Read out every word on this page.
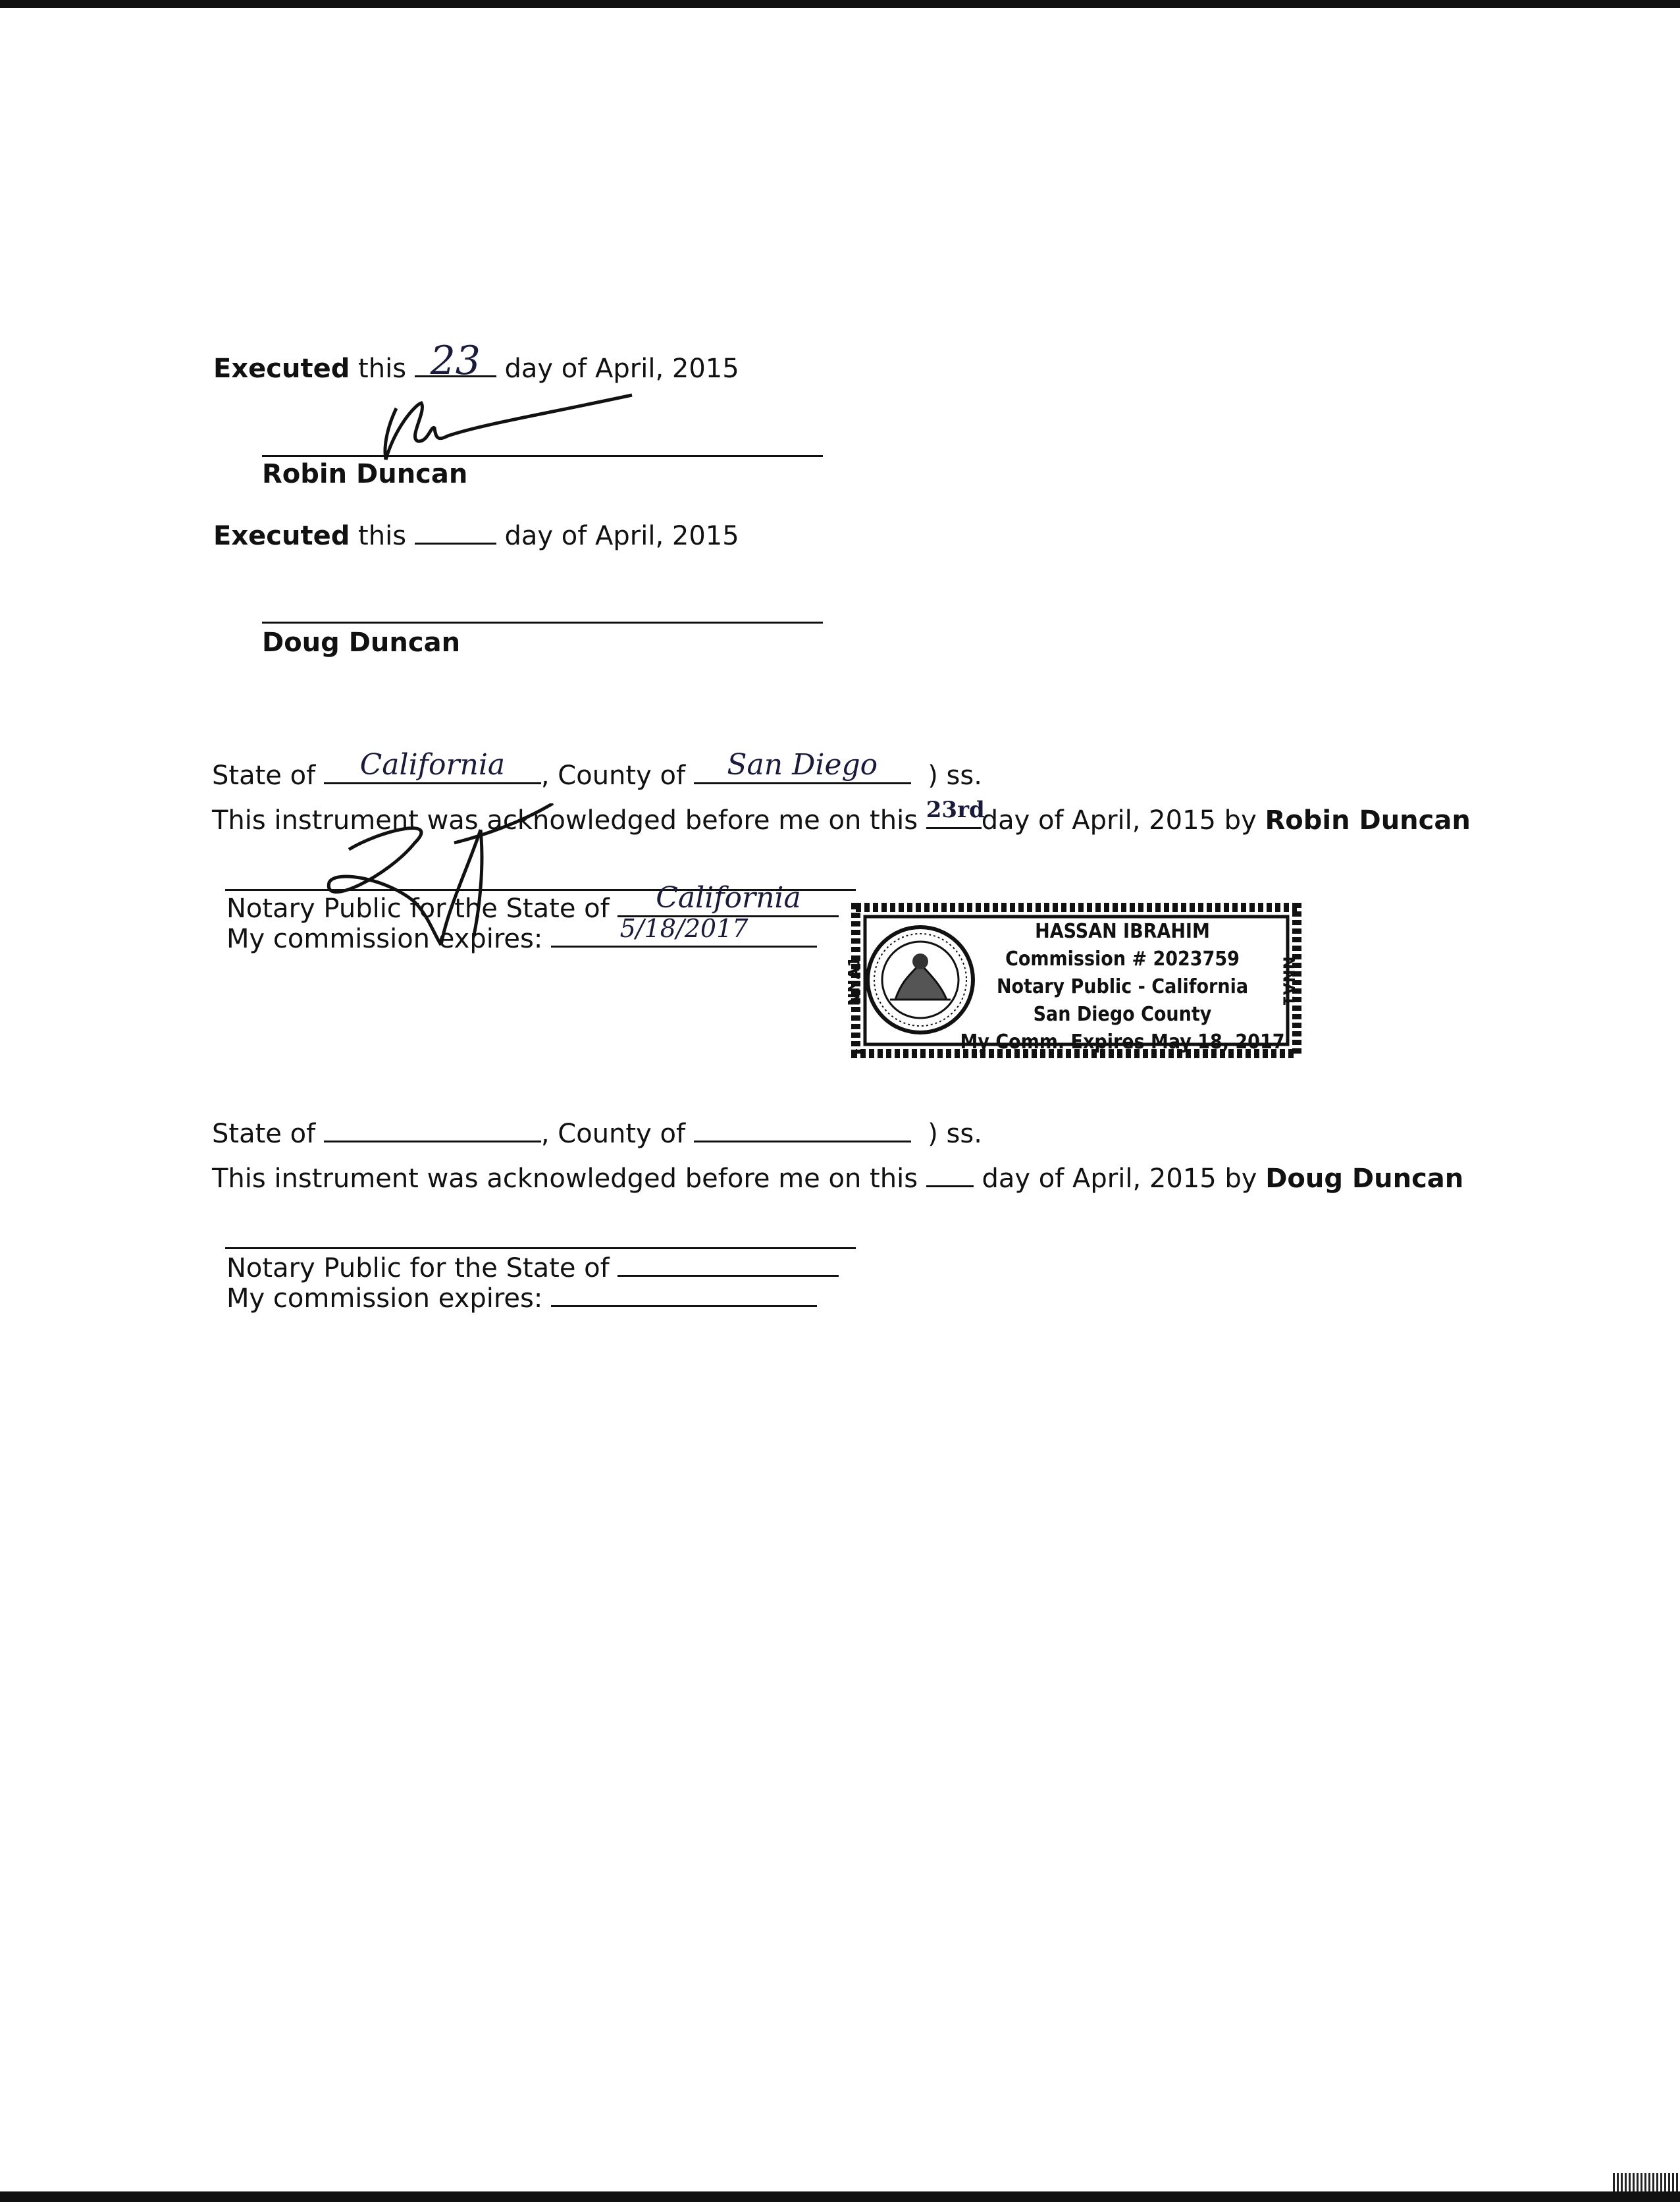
Executed this 23 day of April, 2015
Robin Duncan
Executed this	day of April, 2015
Doug Duncan
State of	California	, County of	San Diego	) ss.
This instrument was acknowledged before me on this 23rd
day of April, 2015 by Robin Duncan
Notary Public for the State of	California
My commission expires:	5/18/2017	HASSAN IBRAHIM
Commission # 2023759
Notary Public - California
San Diego County
My Comm. Expires May 18, 2017
NNA1	NNA1
State of	, County of	) ss.
This instrument was acknowledged before me on this day of April, 2015 by Doug Duncan
Notary Public for the State of
My commission expires:
